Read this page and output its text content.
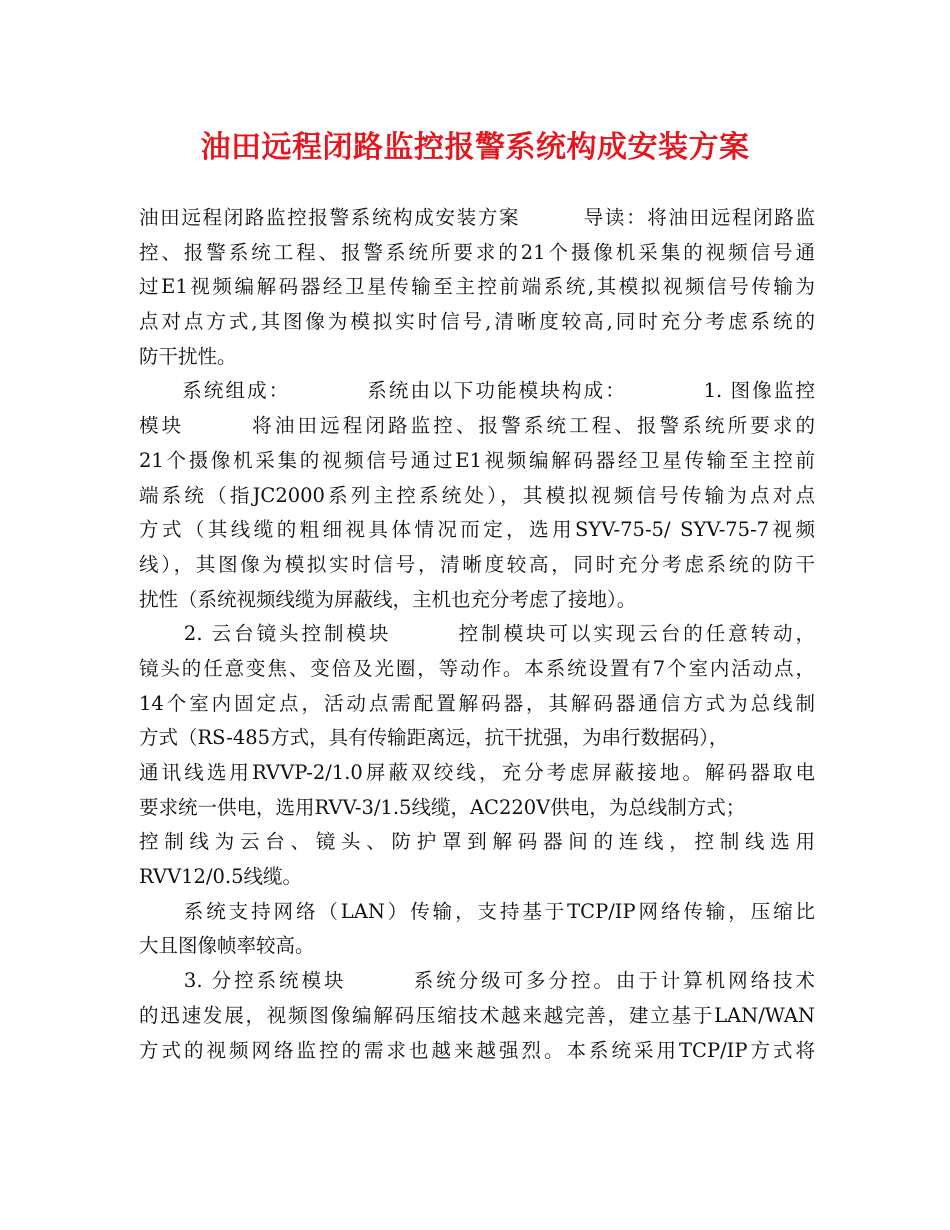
油田远程闭路监控报警系统构成安装方案
油田远程闭路监控报警系统构成安装方案　　　导读：将油田远程闭路监
控、报警系统工程、报警系统所要求的21个摄像机采集的视频信号通
过E1视频编解码器经卫星传输至主控前端系统,其模拟视频信号传输为
点对点方式,其图像为模拟实时信号,清晰度较高,同时充分考虑系统的
防干扰性。
　　系统组成：　　　　系统由以下功能模块构成：　　　　1. 图像监控
模块　　　将油田远程闭路监控、报警系统工程、报警系统所要求的
21个摄像机采集的视频信号通过E1视频编解码器经卫星传输至主控前
端系统（指JC2000系列主控系统处），其模拟视频信号传输为点对点
方式（其线缆的粗细视具体情况而定，选用SYV-75-5/ SYV-75-7视频
线），其图像为模拟实时信号，清晰度较高，同时充分考虑系统的防干
扰性（系统视频线缆为屏蔽线，主机也充分考虑了接地）。
　　2. 云台镜头控制模块　　　控制模块可以实现云台的任意转动，
镜头的任意变焦、变倍及光圈，等动作。本系统设置有7个室内活动点，
14个室内固定点，活动点需配置解码器，其解码器通信方式为总线制
方式（RS-485方式，具有传输距离远，抗干扰强，为串行数据码），
通讯线选用RVVP-2/1.0屏蔽双绞线，充分考虑屏蔽接地。解码器取电
要求统一供电，选用RVV-3/1.5线缆，AC220V供电，为总线制方式；
控制线为云台、镜头、防护罩到解码器间的连线，控制线选用
RVV12/0.5线缆。
　　系统支持网络（LAN）传输，支持基于TCP/IP网络传输，压缩比
大且图像帧率较高。
　　3. 分控系统模块　　　系统分级可多分控。由于计算机网络技术
的迅速发展，视频图像编解码压缩技术越来越完善，建立基于LAN/WAN
方式的视频网络监控的需求也越来越强烈。本系统采用TCP/IP方式将
